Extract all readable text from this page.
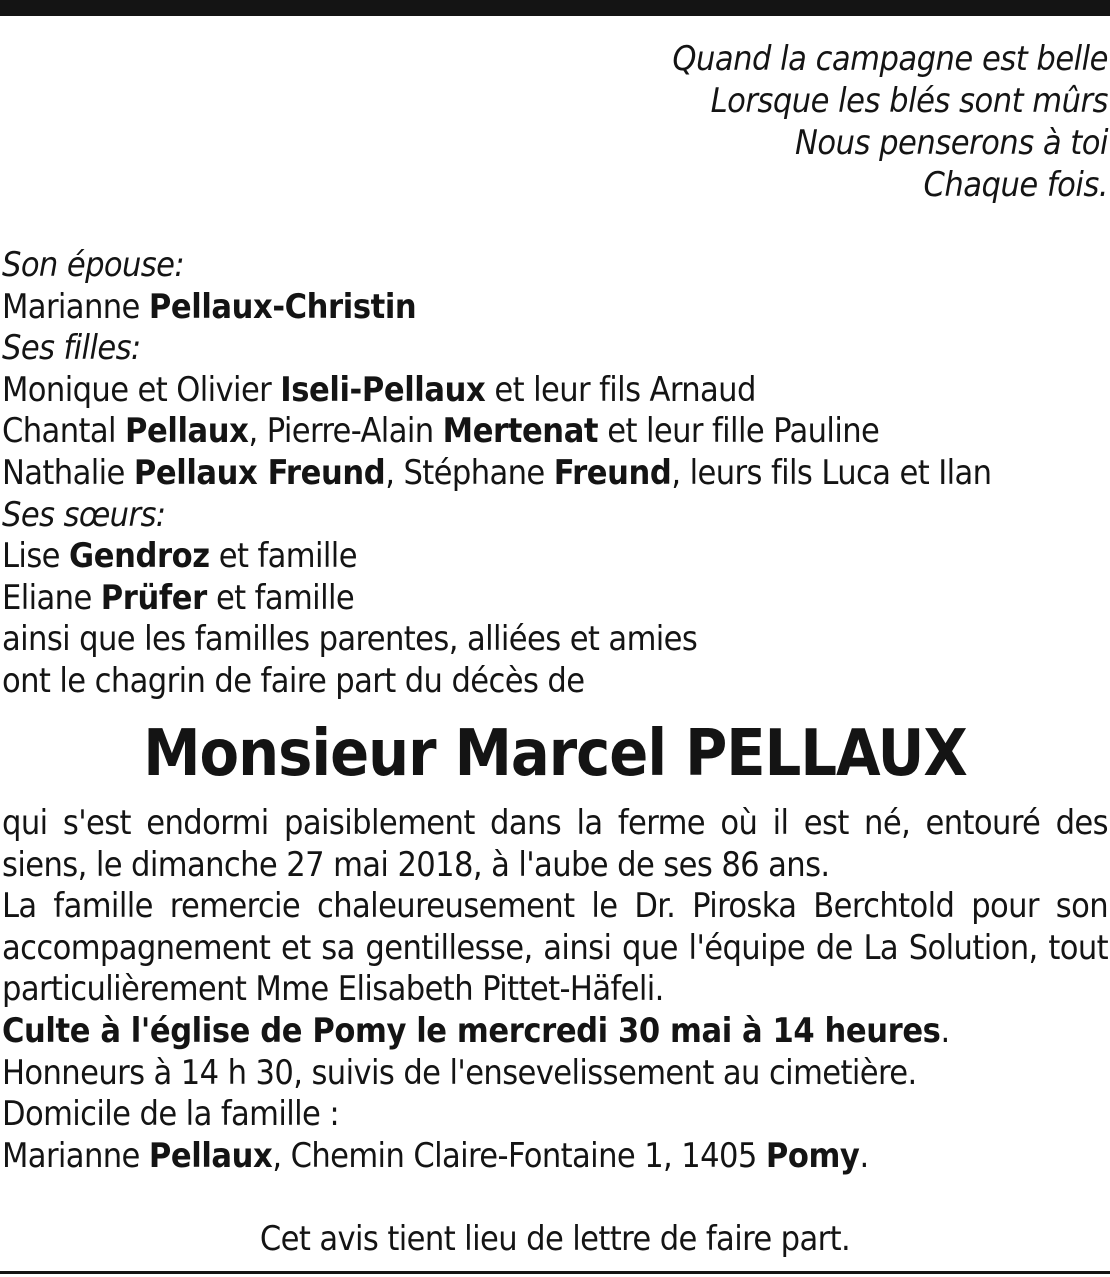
Quand la campagne est belle
Lorsque les blés sont mûrs
Nous penserons à toi
Chaque fois.
Son épouse:
Marianne Pellaux-Christin
Ses filles:
Monique et Olivier Iseli-Pellaux et leur fils Arnaud
Chantal Pellaux, Pierre-Alain Mertenat et leur fille Pauline
Nathalie Pellaux Freund, Stéphane Freund, leurs fils Luca et Ilan
Ses sœurs:
Lise Gendroz et famille
Eliane Prüfer et famille
ainsi que les familles parentes, alliées et amies
ont le chagrin de faire part du décès de
Monsieur Marcel PELLAUX
qui s'est endormi paisiblement dans la ferme où il est né, entouré des
siens, le dimanche 27 mai 2018, à l'aube de ses 86 ans.
La famille remercie chaleureusement le Dr. Piroska Berchtold pour son
accompagnement et sa gentillesse, ainsi que l'équipe de La Solution, tout
particulièrement Mme Elisabeth Pittet-Häfeli.
Culte à l'église de Pomy le mercredi 30 mai à 14 heures.
Honneurs à 14 h 30, suivis de l'ensevelissement au cimetière.
Domicile de la famille :
Marianne Pellaux, Chemin Claire-Fontaine 1, 1405 Pomy.
Cet avis tient lieu de lettre de faire part.
